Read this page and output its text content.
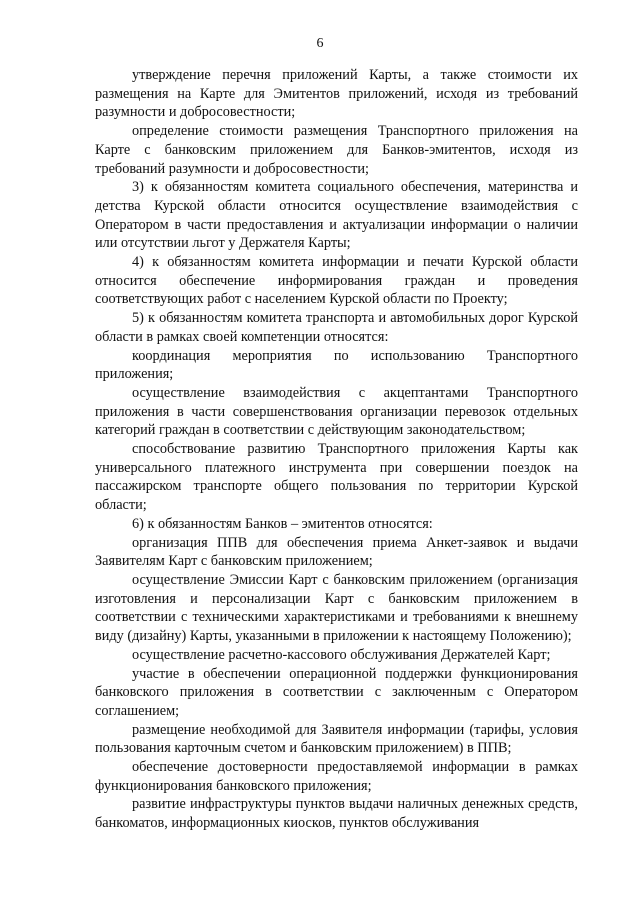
6

утверждение перечня приложений Карты, а также стоимости их размещения на Карте для Эмитентов приложений, исходя из требований разумности и добросовестности;

определение стоимости размещения Транспортного приложения на Карте с банковским приложением для Банков-эмитентов, исходя из требований разумности и добросовестности;

3) к обязанностям комитета социального обеспечения, материнства и детства Курской области относится осуществление взаимодействия с Оператором в части предоставления и актуализации информации о наличии или отсутствии льгот у Держателя Карты;

4) к обязанностям комитета информации и печати Курской области относится обеспечение информирования граждан и проведения соответствующих работ с населением Курской области по Проекту;

5) к обязанностям комитета транспорта и автомобильных дорог Курской области в рамках своей компетенции относятся:

координация мероприятия по использованию Транспортного приложения;

осуществление взаимодействия с акцептантами Транспортного приложения в части совершенствования организации перевозок отдельных категорий граждан в соответствии с действующим законодательством;

способствование развитию Транспортного приложения Карты как универсального платежного инструмента при совершении поездок на пассажирском транспорте общего пользования по территории Курской области;

6) к обязанностям Банков – эмитентов относятся:

организация ППВ для обеспечения приема Анкет-заявок и выдачи Заявителям Карт с банковским приложением;

осуществление Эмиссии Карт с банковским приложением (организация изготовления и персонализации Карт с банковским приложением в соответствии с техническими характеристиками и требованиями к внешнему виду (дизайну) Карты, указанными в приложении к настоящему Положению);

осуществление расчетно-кассового обслуживания Держателей Карт;

участие в обеспечении операционной поддержки функционирования банковского приложения в соответствии с заключенным с Оператором соглашением;

размещение необходимой для Заявителя информации (тарифы, условия пользования карточным счетом и банковским приложением) в ППВ;

обеспечение достоверности предоставляемой информации в рамках функционирования банковского приложения;

развитие инфраструктуры пунктов выдачи наличных денежных средств, банкоматов, информационных киосков, пунктов обслуживания
